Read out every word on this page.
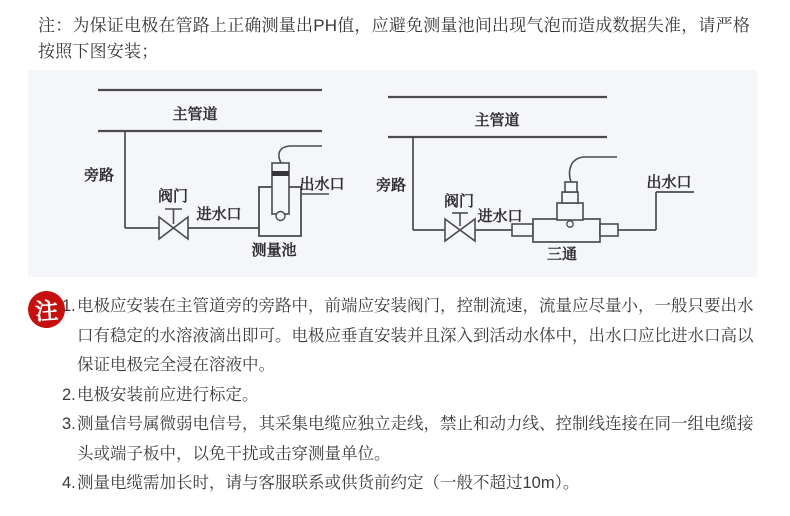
注：为保证电极在管路上正确测量出PH值，应避免测量池间出现气泡而造成数据失准，请严格按照下图安装；
主管道
旁路
阀门
进水口
出水口
测量池
主管道
旁路
阀门
进水口
出水口
三通
注 1. 电极应安装在主管道旁的旁路中，前端应安装阀门，控制流速，流量应尽量小，一般只要出水口有稳定的水溶液滴出即可。电极应垂直安装并且深入到活动水体中，出水口应比进水口高以保证电极完全浸在溶液中。
2. 电极安装前应进行标定。
3. 测量信号属微弱电信号，其采集电缆应独立走线，禁止和动力线、控制线连接在同一组电缆接头或端子板中，以免干扰或击穿测量单位。
4. 测量电缆需加长时，请与客服联系或供货前约定（一般不超过10m）。
